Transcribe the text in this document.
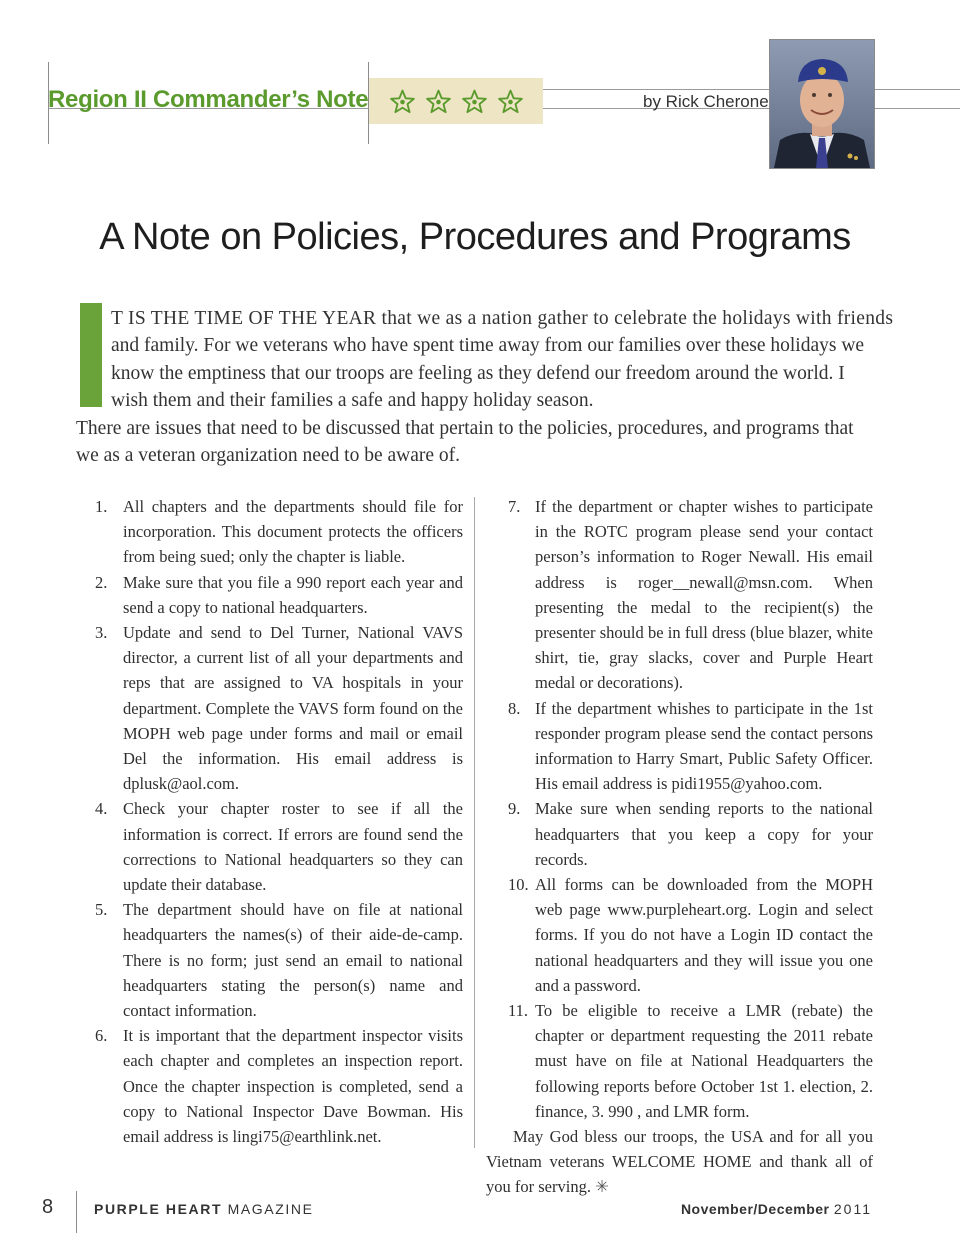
Region II Commander’s Note	by Rick Cherone
A Note on Policies, Procedures and Programs
T IS THE TIME OF THE YEAR that we as a nation gather to celebrate the holidays with friends
and family. For we veterans who have spent time away from our families over these holidays we
know the emptiness that our troops are feeling as they defend our freedom around the world. I
wish them and their families a safe and happy holiday season.
There are issues that need to be discussed that pertain to the policies, procedures, and programs that
we as a veteran organization need to be aware of.
1. All chapters and the departments should file for incorporation. This document protects the officers from being sued; only the chapter is liable.
2. Make sure that you file a 990 report each year and send a copy to national headquarters.
3. Update and send to Del Turner, National VAVS director, a current list of all your departments and reps that are assigned to VA hospitals in your department. Complete the VAVS form found on the MOPH web page under forms and mail or email Del the information. His email address is dplusk@aol.com.
4. Check your chapter roster to see if all the information is correct. If errors are found send the corrections to National headquarters so they can update their database.
5. The department should have on file at national headquarters the names(s) of their aide-de-camp. There is no form; just send an email to national headquarters stating the person(s) name and contact information.
6. It is important that the department inspector visits each chapter and completes an inspection report. Once the chapter inspection is completed, send a copy to National Inspector Dave Bowman. His email address is lingi75@earthlink.net.
7. If the department or chapter wishes to participate in the ROTC program please send your contact person’s information to Roger Newall. His email address is roger__newall@msn.com. When presenting the medal to the recipient(s) the presenter should be in full dress (blue blazer, white shirt, tie, gray slacks, cover and Purple Heart medal or decorations).
8. If the department whishes to participate in the 1st responder program please send the contact persons information to Harry Smart, Public Safety Officer. His email address is pidi1955@yahoo.com.
9. Make sure when sending reports to the national headquarters that you keep a copy for your records.
10. All forms can be downloaded from the MOPH web page www.purpleheart.org. Login and select forms. If you do not have a Login ID contact the national headquarters and they will issue you one and a password.
11. To be eligible to receive a LMR (rebate) the chapter or department requesting the 2011 rebate must have on file at National Headquarters the following reports before October 1st 1. election, 2. finance, 3. 990 , and LMR form.
May God bless our troops, the USA and for all you Vietnam veterans WELCOME HOME and thank all of you for serving. ✳
8	PURPLE HEART MAGAZINE	November/December 2011
